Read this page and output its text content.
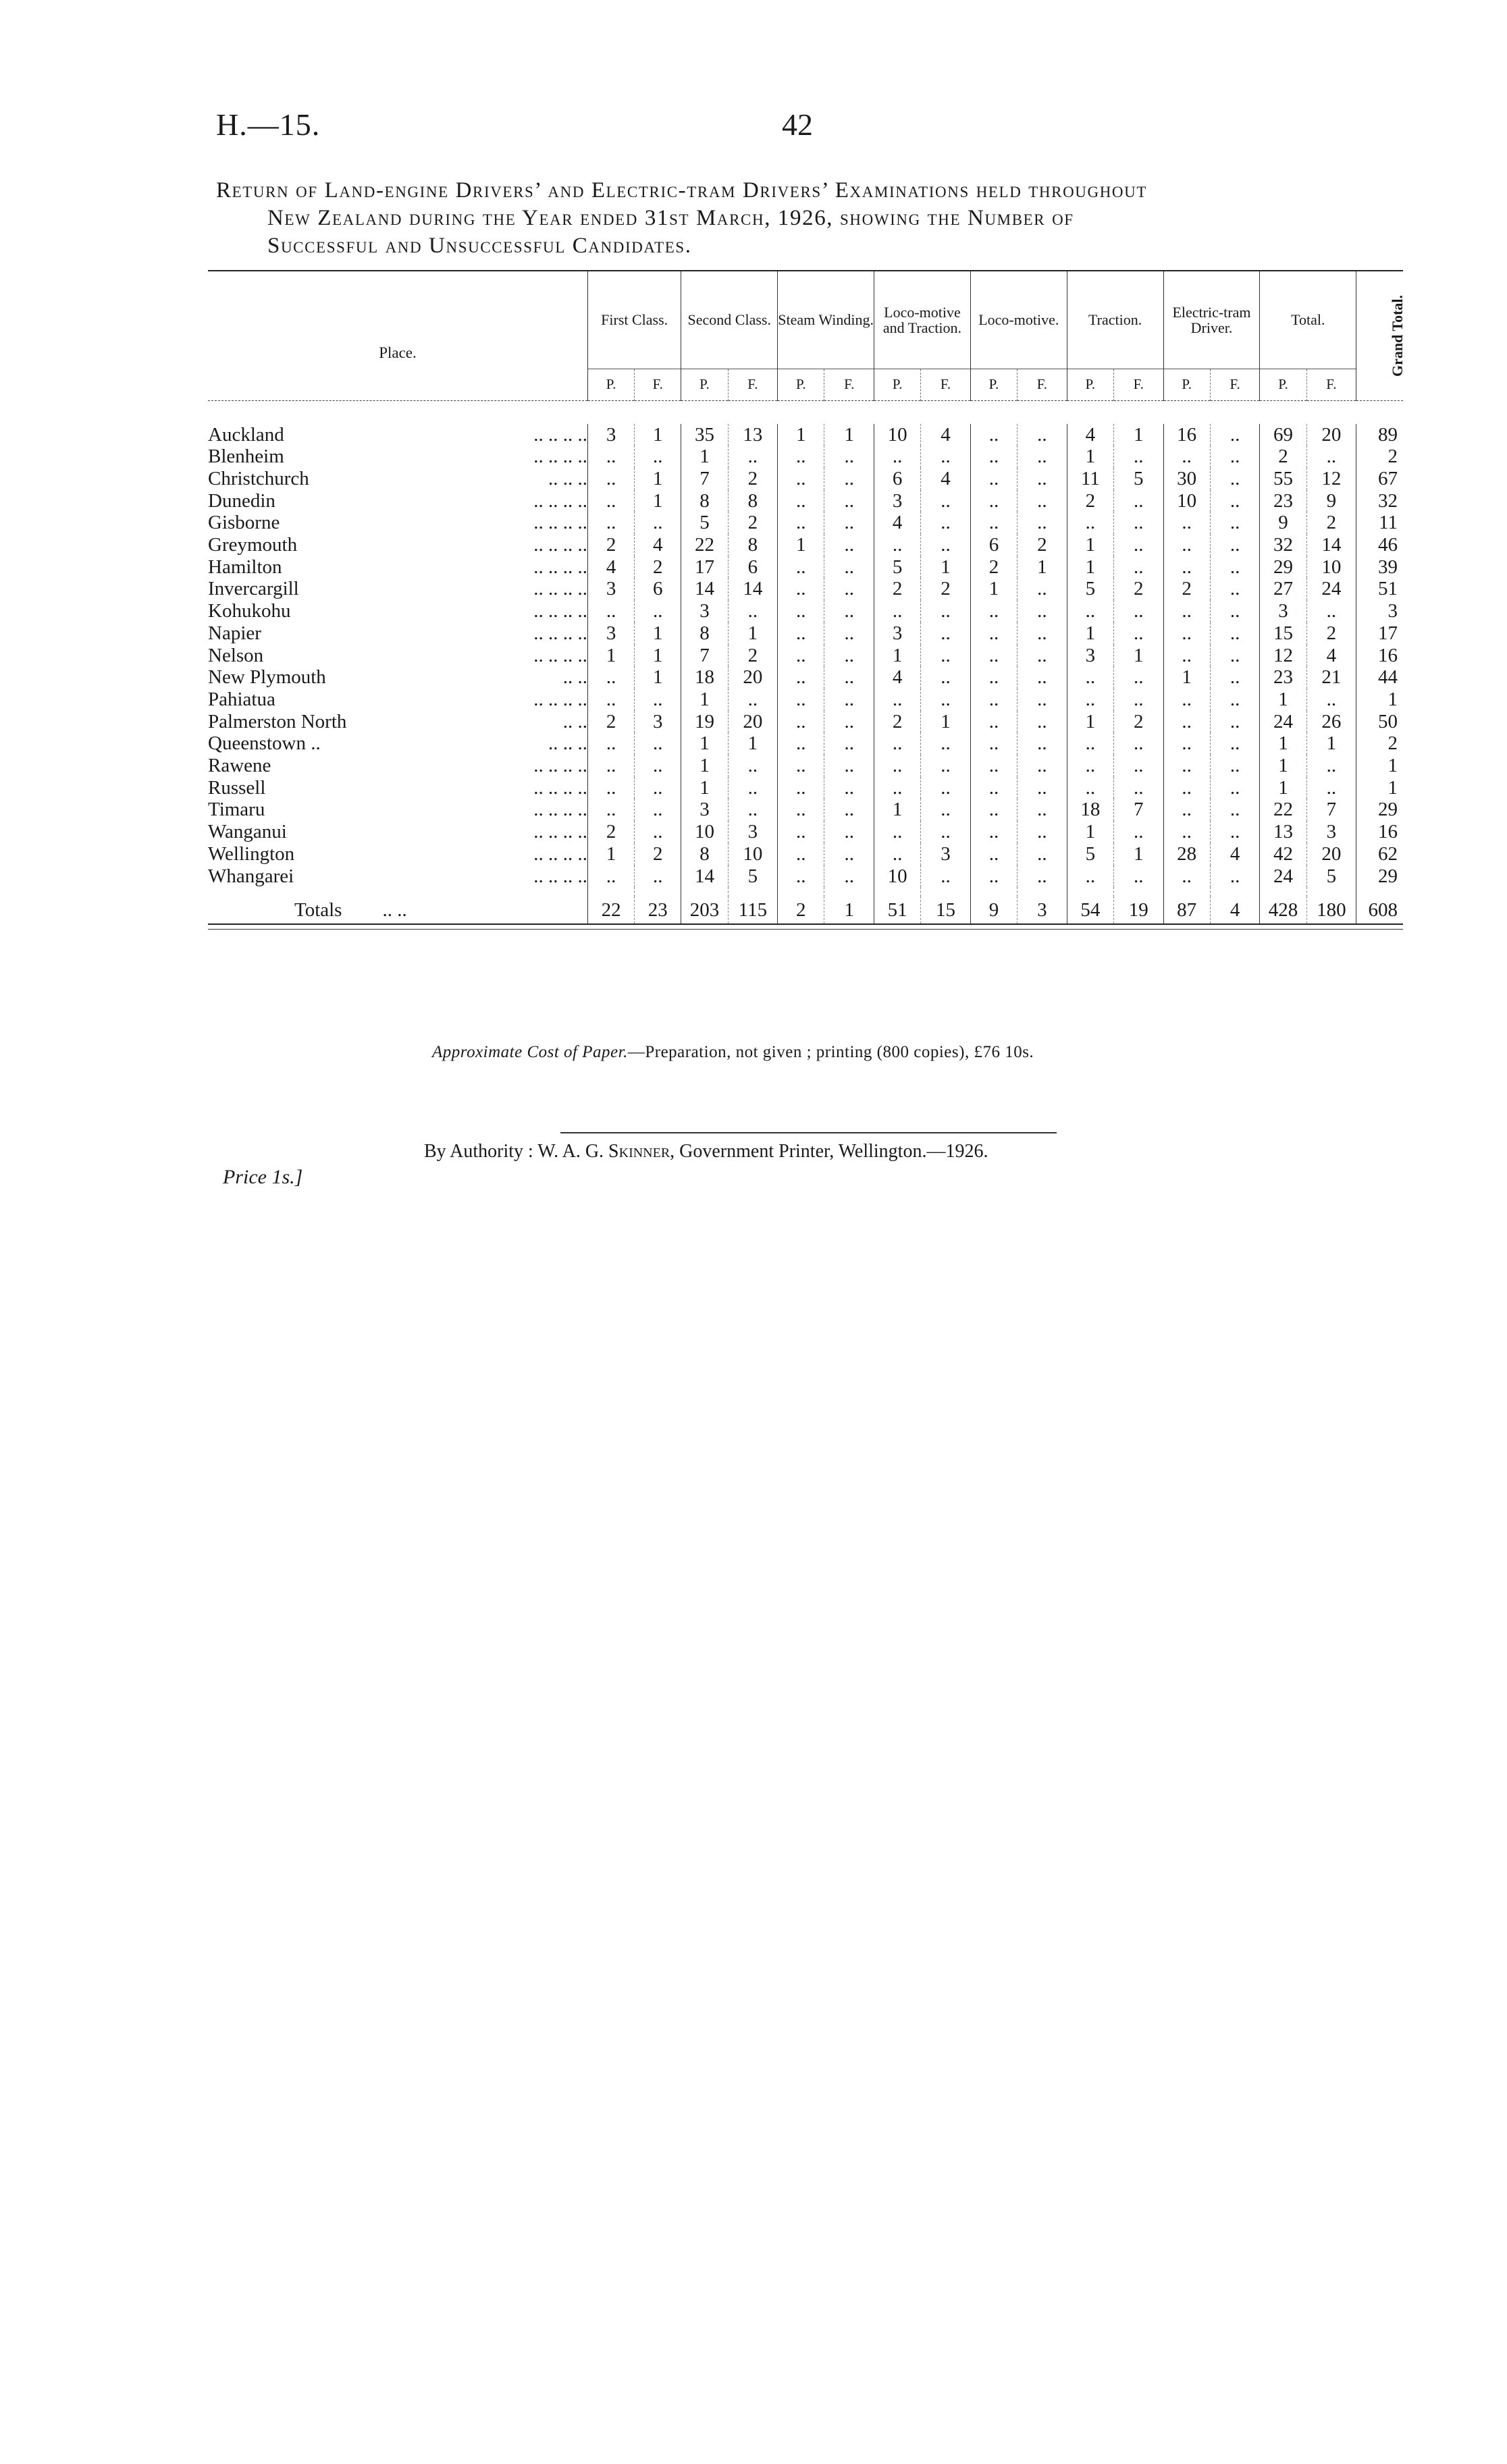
H.—15.	42
Return of Land-engine Drivers’ and Electric-tram Drivers’ Examinations held throughout
New Zealand during the Year ended 31st March, 1926, showing the Number of
Successful and Unsuccessful Candidates.

Place.	First Class.		Second Class.		Steam Winding.		Loco-motive and Traction.		Loco-motive.		Traction.		Electric-tram Driver.		Total.		Grand Total.
	P.	F.	P.	F.	P.	F.	P.	F.	P.	F.	P.	F.	P.	F.	P.	F.	

Auckland .. .. .. ..	3	1	35	13	1	1	10	4	..	..	4	1	16	..	69	20	89
Blenheim .. .. .. ..	..	..	1	..	..	..	..	..	..	..	1	..	..	..	2	..	2
Christchurch .. .. ..	..	1	7	2	..	..	6	4	..	..	11	5	30	..	55	12	67
Dunedin .. .. .. ..	..	1	8	8	..	..	3	..	..	..	2	..	10	..	23	9	32
Gisborne .. .. .. ..	..	..	5	2	..	..	4	..	..	..	..	..	..	..	9	2	11
Greymouth .. .. .. ..	2	4	22	8	1	..	..	..	6	2	1	..	..	..	32	14	46
Hamilton .. .. .. ..	4	2	17	6	..	..	5	1	2	1	1	..	..	..	29	10	39
Invercargill .. .. .. ..	3	6	14	14	..	..	2	2	1	..	5	2	2	..	27	24	51
Kohukohu .. .. .. ..	..	..	3	..	..	..	..	..	..	..	..	..	..	..	3	..	3
Napier .. .. .. ..	3	1	8	1	..	..	3	..	..	..	1	..	..	..	15	2	17
Nelson .. .. .. ..	1	1	7	2	..	..	1	..	..	..	3	1	..	..	12	4	16
New Plymouth .. ..	..	1	18	20	..	..	4	..	..	..	..	..	1	..	23	21	44
Pahiatua .. .. .. ..	..	..	1	..	..	..	..	..	..	..	..	..	..	..	1	..	1
Palmerston North .. ..	2	3	19	20	..	..	2	1	..	..	1	2	..	..	24	26	50
Queenstown .. .. .. ..	..	..	1	1	..	..	..	..	..	..	..	..	..	..	1	1	2
Rawene .. .. .. ..	..	..	1	..	..	..	..	..	..	..	..	..	..	..	1	..	1
Russell .. .. .. ..	..	..	1	..	..	..	..	..	..	..	..	..	..	..	1	..	1
Timaru .. .. .. ..	..	..	3	..	..	..	1	..	..	..	18	7	..	..	22	7	29
Wanganui .. .. .. ..	2	..	10	3	..	..	..	..	..	..	1	..	..	..	13	3	16
Wellington .. .. .. ..	1	2	8	10	..	..	..	3	..	..	5	1	28	4	42	20	62
Whangarei .. .. .. ..	..	..	14	5	..	..	10	..	..	..	..	..	..	..	24	5	29

Totals .. ..	22	23	203	115	2	1	51	15	9	3	54	19	87	4	428	180	608

Approximate Cost of Paper.—Preparation, not given ; printing (800 copies), £76 10s.
By Authority : W. A. G. Skinner, Government Printer, Wellington.—1926.
Price 1s.]
